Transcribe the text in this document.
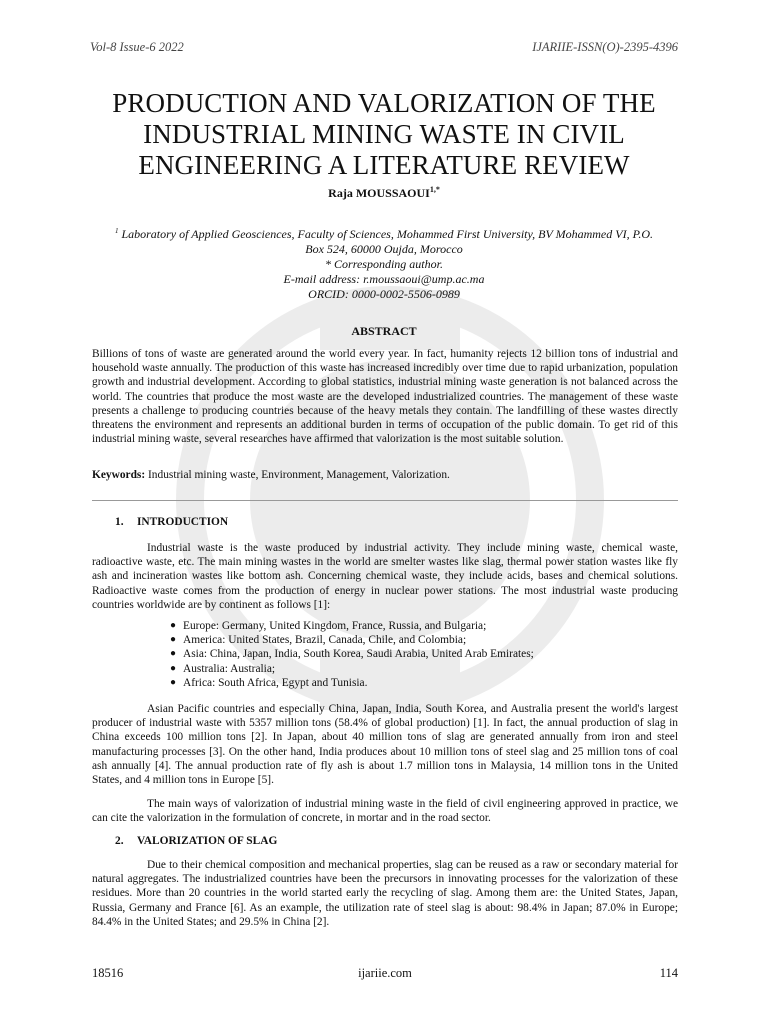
Vol-8 Issue-6 2022	IJARIIE-ISSN(O)-2395-4396
PRODUCTION AND VALORIZATION OF THE
INDUSTRIAL MINING WASTE IN CIVIL
ENGINEERING A LITERATURE REVIEW
Raja $MOUSSAOUI^{1,*}$
$^1$ Laboratory of Applied Geosciences, Faculty of Sciences, Mohammed First University, BV Mohammed VI, P.O.
Box 524, 60000 Oujda, Morocco
* Corresponding author.
E-mail address: r.moussaoui@ump.ac.ma
ORCID: 0000-0002-5506-0989
ABSTRACT

Billions of tons of waste are generated around the world every year. In fact, humanity rejects 12 billion tons of industrial and household waste annually. The production of this waste has increased incredibly over time due to rapid urbanization, population growth and industrial development. According to global statistics, industrial mining waste generation is not balanced across the world. The countries that produce the most waste are the developed industrialized countries. The management of these waste presents a challenge to producing countries because of the heavy metals they contain. The landfilling of these wastes directly threatens the environment and represents an additional burden in terms of occupation of the public domain. To get rid of this industrial mining waste, several researches have affirmed that valorization is the most suitable solution.

Keywords: Industrial mining waste, Environment, Management, Valorization.

1. INTRODUCTION

Industrial waste is the waste produced by industrial activity. They include mining waste, chemical waste, radioactive waste, etc. The main mining wastes in the world are smelter wastes like slag, thermal power station wastes like fly ash and incineration wastes like bottom ash. Concerning chemical waste, they include acids, bases and chemical solutions. Radioactive waste comes from the production of energy in nuclear power stations. The most industrial waste producing countries worldwide are by continent as follows [1]:

● Europe: Germany, United Kingdom, France, Russia, and Bulgaria;
● America: United States, Brazil, Canada, Chile, and Colombia;
● Asia: China, Japan, India, South Korea, Saudi Arabia, United Arab Emirates;
● Australia: Australia;
● Africa: South Africa, Egypt and Tunisia.

Asian Pacific countries and especially China, Japan, India, South Korea, and Australia present the world's largest producer of industrial waste with 5357 million tons (58.4% of global production) [1]. In fact, the annual production of slag in China exceeds 100 million tons [2]. In Japan, about 40 million tons of slag are generated annually from iron and steel manufacturing processes [3]. On the other hand, India produces about 10 million tons of steel slag and 25 million tons of coal ash annually [4]. The annual production rate of fly ash is about 1.7 million tons in Malaysia, 14 million tons in the United States, and 4 million tons in Europe [5].

The main ways of valorization of industrial mining waste in the field of civil engineering approved in practice, we can cite the valorization in the formulation of concrete, in mortar and in the road sector.

2. VALORIZATION OF SLAG

Due to their chemical composition and mechanical properties, slag can be reused as a raw or secondary material for natural aggregates. The industrialized countries have been the precursors in innovating processes for the valorization of these residues. More than 20 countries in the world started early the recycling of slag. Among them are: the United States, Japan, Russia, Germany and France [6]. As an example, the utilization rate of steel slag is about: 98.4% in Japan; 87.0% in Europe; 84.4% in the United States; and 29.5% in China [2].

18516	ijariie.com	114
